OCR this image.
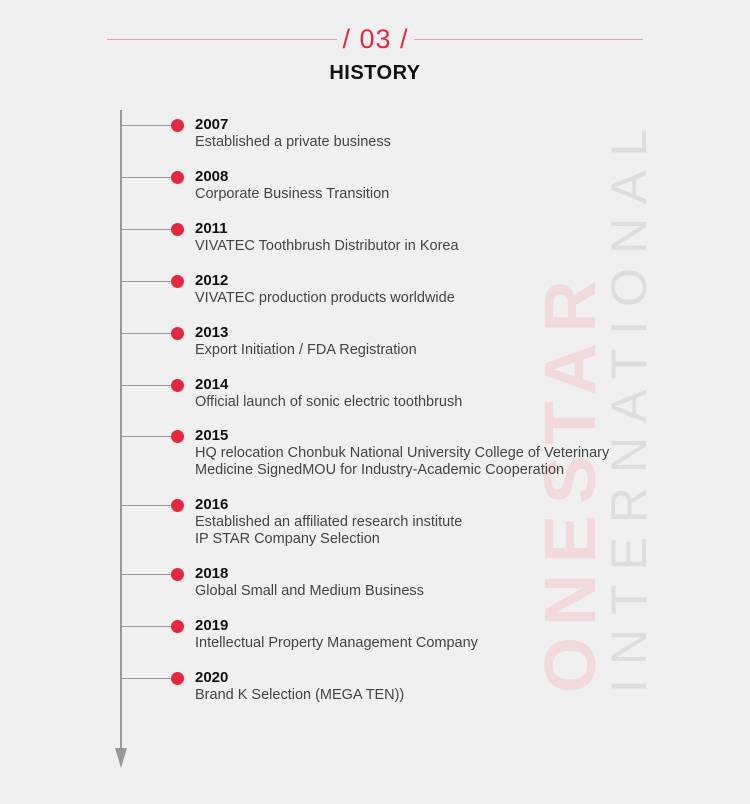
/ 03 /
HISTORY
ONESTAR
INTERNATIONAL
2007
Established a private business
2008
Corporate Business Transition
2011
VIVATEC Toothbrush Distributor in Korea
2012
VIVATEC production products worldwide
2013
Export Initiation / FDA Registration
2014
Official launch of sonic electric toothbrush
2015
HQ relocation Chonbuk National University College of Veterinary
Medicine SignedMOU for Industry-Academic Cooperation
2016
Established an affiliated research institute
IP STAR Company Selection
2018
Global Small and Medium Business
2019
Intellectual Property Management Company
2020
Brand K Selection (MEGA TEN))
